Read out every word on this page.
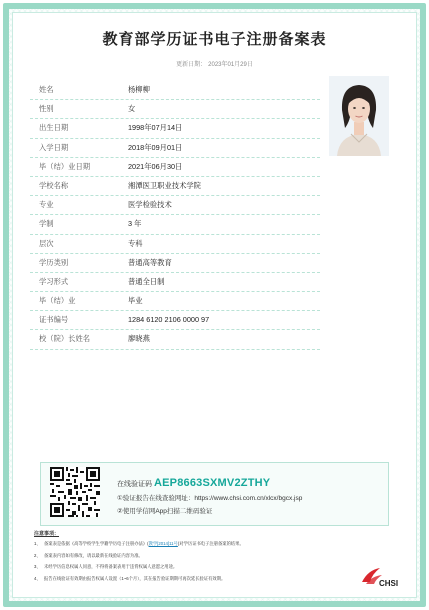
教育部学历证书电子注册备案表
更新日期： 2023年01月29日
姓名	杨柳柳
性别	女
出生日期	1998年07月14日
入学日期	2018年09月01日
毕（结）业日期	2021年06月30日
学校名称	湘潭医卫职业技术学院
专业	医学检验技术
学制	3 年
层次	专科
学历类别	普通高等教育
学习形式	普通全日制
毕（结）业	毕业
证书编号	1284 6120 2106 0000 97
校（院）长姓名	廖晓燕
在线验证码 AEP8663SXMV2ZTHY
①验证报告在线查验网址：https://www.chsi.com.cn/xlcx/bgcx.jsp
②使用学信网App扫描二维码验证
注意事项：
1、 备案表是依据《高等学校学生学籍学历电子注册办法》(教学[2014]11号)对学历证书电子注册备案的结果。
2、 备案表内容如有修改，请以最新在线验证内容为准。
3、 未经学历信息权属人同意，不得将备案表用于违背权属人意愿之用途。
4、 报告在线验证有效期由报告权属人设置（1~6个月），其在报告验证期期可再次延长验证有效期。
CHSI
